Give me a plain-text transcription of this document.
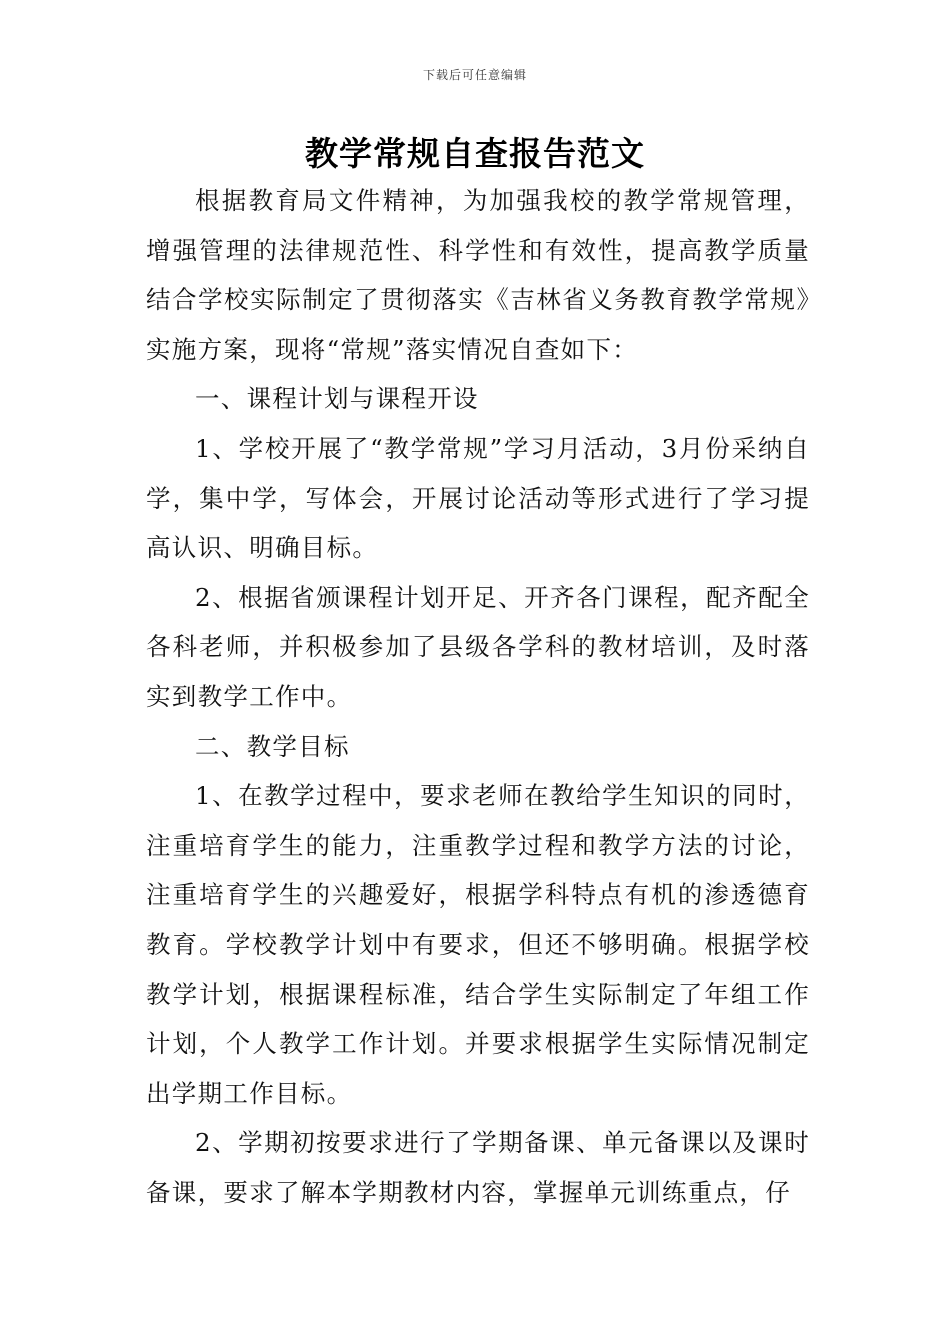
下载后可任意编辑
教学常规自查报告范文

根据教育局文件精神，为加强我校的教学常规管理，增强管理的法律规范性、科学性和有效性，提高教学质量结合学校实际制定了贯彻落实《吉林省义务教育教学常规》实施方案，现将“常规”落实情况自查如下：

一、课程计划与课程开设

1、学校开展了“教学常规”学习月活动，3月份采纳自学，集中学，写体会，开展讨论活动等形式进行了学习提高认识、明确目标。

2、根据省颁课程计划开足、开齐各门课程，配齐配全各科老师，并积极参加了县级各学科的教材培训，及时落实到教学工作中。

二、教学目标

1、在教学过程中，要求老师在教给学生知识的同时，注重培育学生的能力，注重教学过程和教学方法的讨论，注重培育学生的兴趣爱好，根据学科特点有机的渗透德育教育。学校教学计划中有要求，但还不够明确。根据学校教学计划，根据课程标准，结合学生实际制定了年组工作计划，个人教学工作计划。并要求根据学生实际情况制定出学期工作目标。

2、学期初按要求进行了学期备课、单元备课以及课时备课，要求了解本学期教材内容，掌握单元训练重点，仔
